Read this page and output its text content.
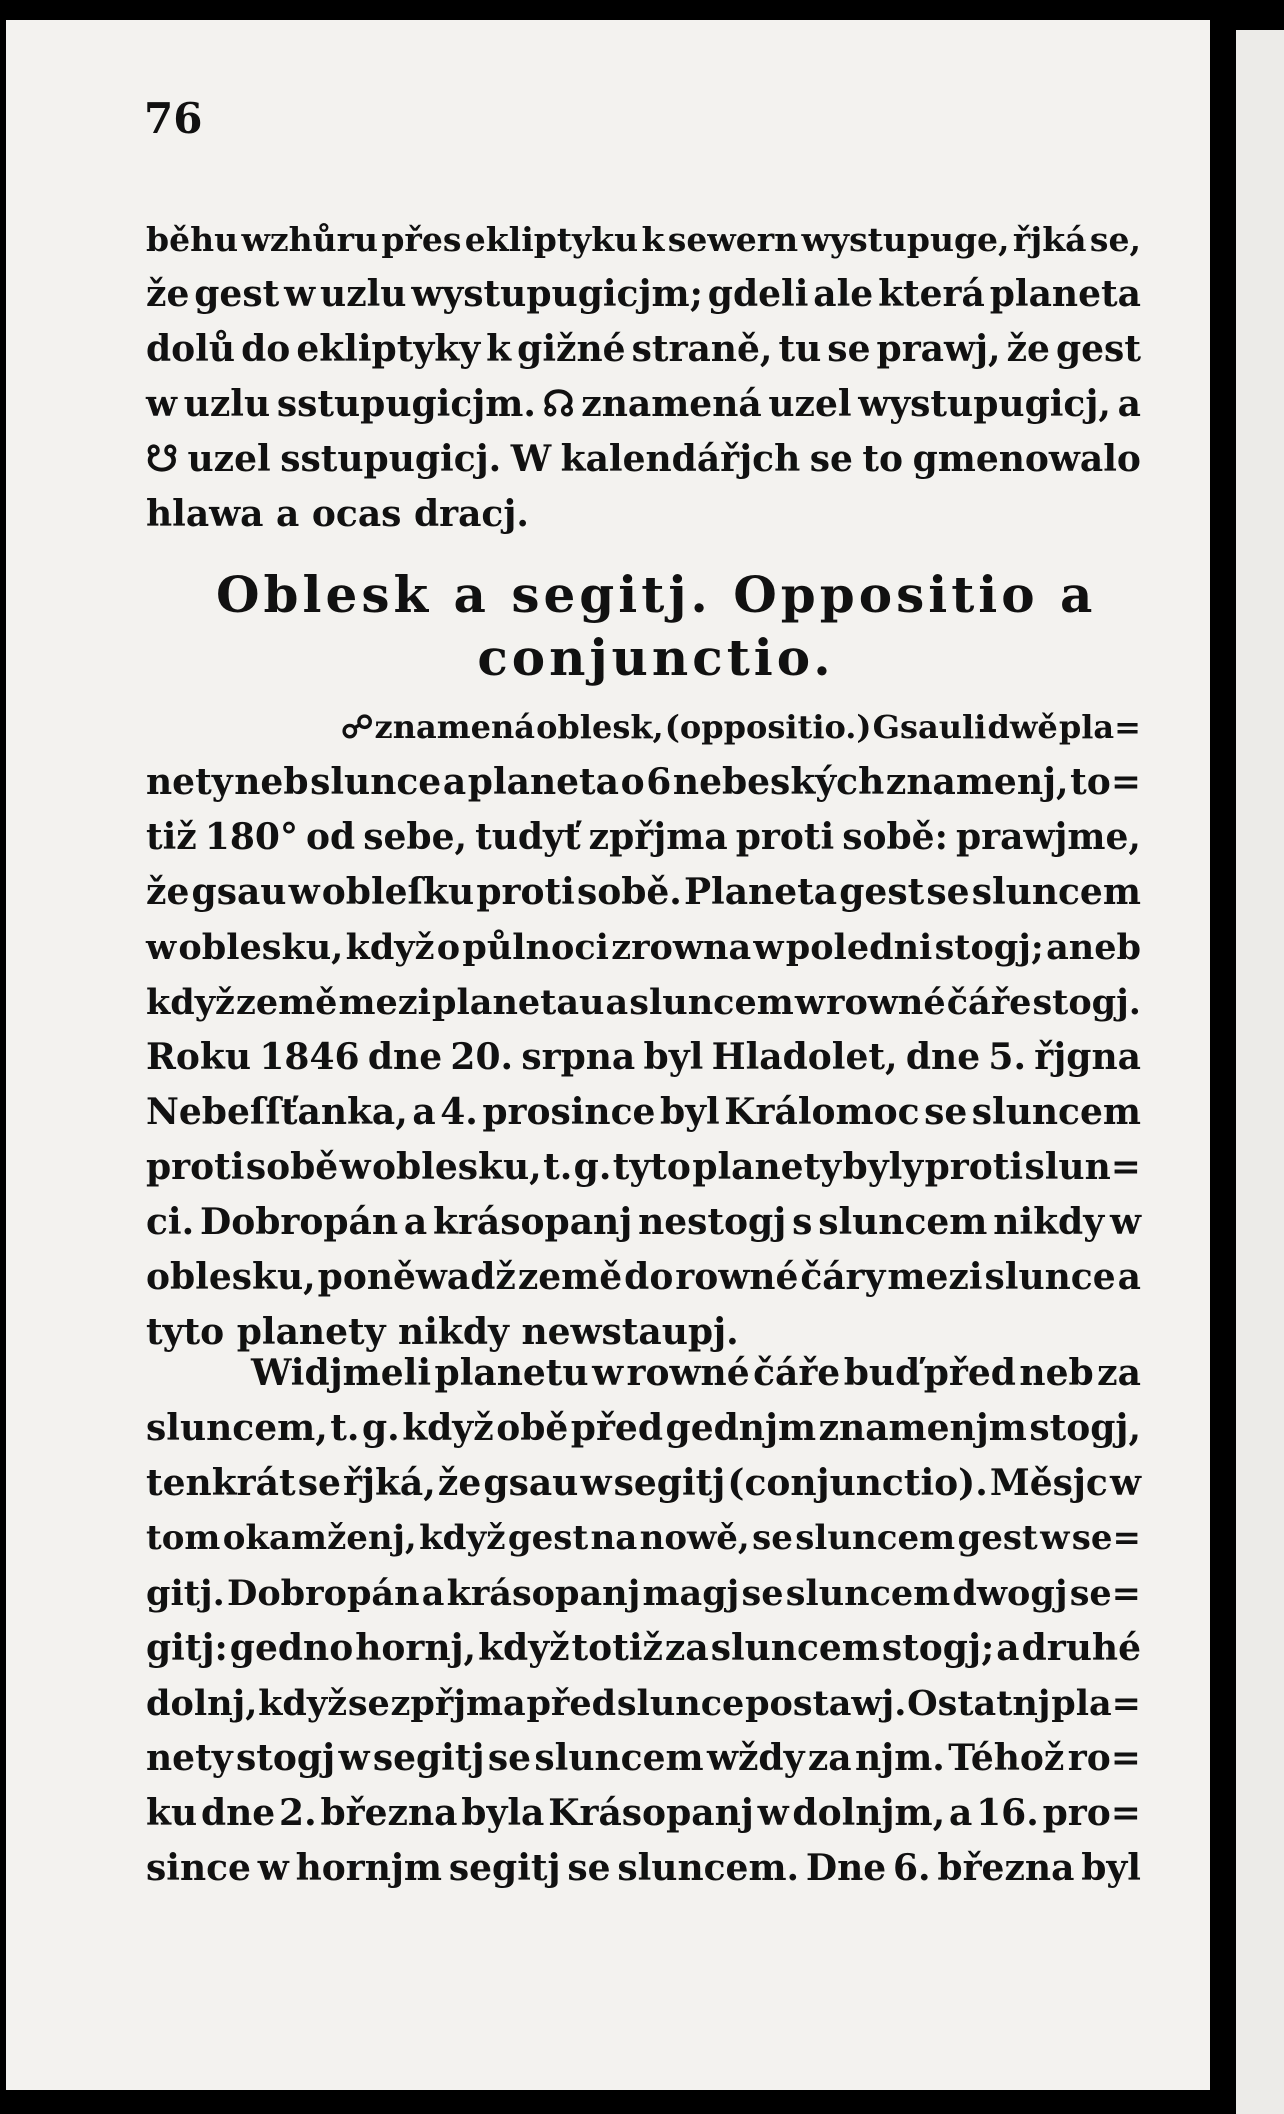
76
běhu wzhůru přes ekliptyku k sewern wystupuge, řjká se,
že gest w uzlu wystupugicjm; gdeli ale která planeta
dolů do ekliptyky k gižné straně, tu se prawj, že gest
w uzlu sstupugicjm. ☊ znamená uzel wystupugicj, a
☋ uzel sstupugicj. W kalendářjch se to gmenowalo
hlawa a ocas dracj.
Oblesk a segitj. Oppositio a
conjunctio.
☍ znamená oblesk, (oppositio.) Gsauli dwě pla=
nety neb slunce a planeta o 6 nebeských znamenj, to=
tiž 180° od sebe, tudyť zpřjma proti sobě: prawjme,
že gsau w obleſku proti sobě. Planeta gest se sluncem
w oblesku, když o půlnoci zrowna w poledni stogj; aneb
když země mezi planetau a sluncem w rowné čáře stogj.
Roku 1846 dne 20. srpna byl Hladolet, dne 5. řjgna
Nebeſſťanka, a 4. prosince byl Králomoc se sluncem
proti sobě w oblesku, t. g. tyto planety byly proti slun=
ci. Dobropán a krásopanj nestogj s sluncem nikdy w
oblesku, poněwadž země do rowné čáry mezi slunce a
tyto planety nikdy newstaupj.
Widjmeli planetu w rowné čáře buď před neb za
sluncem, t. g. když obě před gednjm znamenjm stogj,
tenkrát se řjká, že gsau w segitj (conjunctio). Měsjc w
tom okamženj, když gest na nowě, se sluncem gest w se=
gitj. Dobropán a krásopanj magj se sluncem dwogj se=
gitj: gedno hornj, když totiž za sluncem stogj; a druhé
dolnj, když se zpřjma před slunce postawj. Ostatnj pla=
nety stogj w segitj se sluncem wždy za njm. Téhož ro=
ku dne 2. března byla Krásopanj w dolnjm, a 16. pro=
since w hornjm segitj se sluncem. Dne 6. března byl
